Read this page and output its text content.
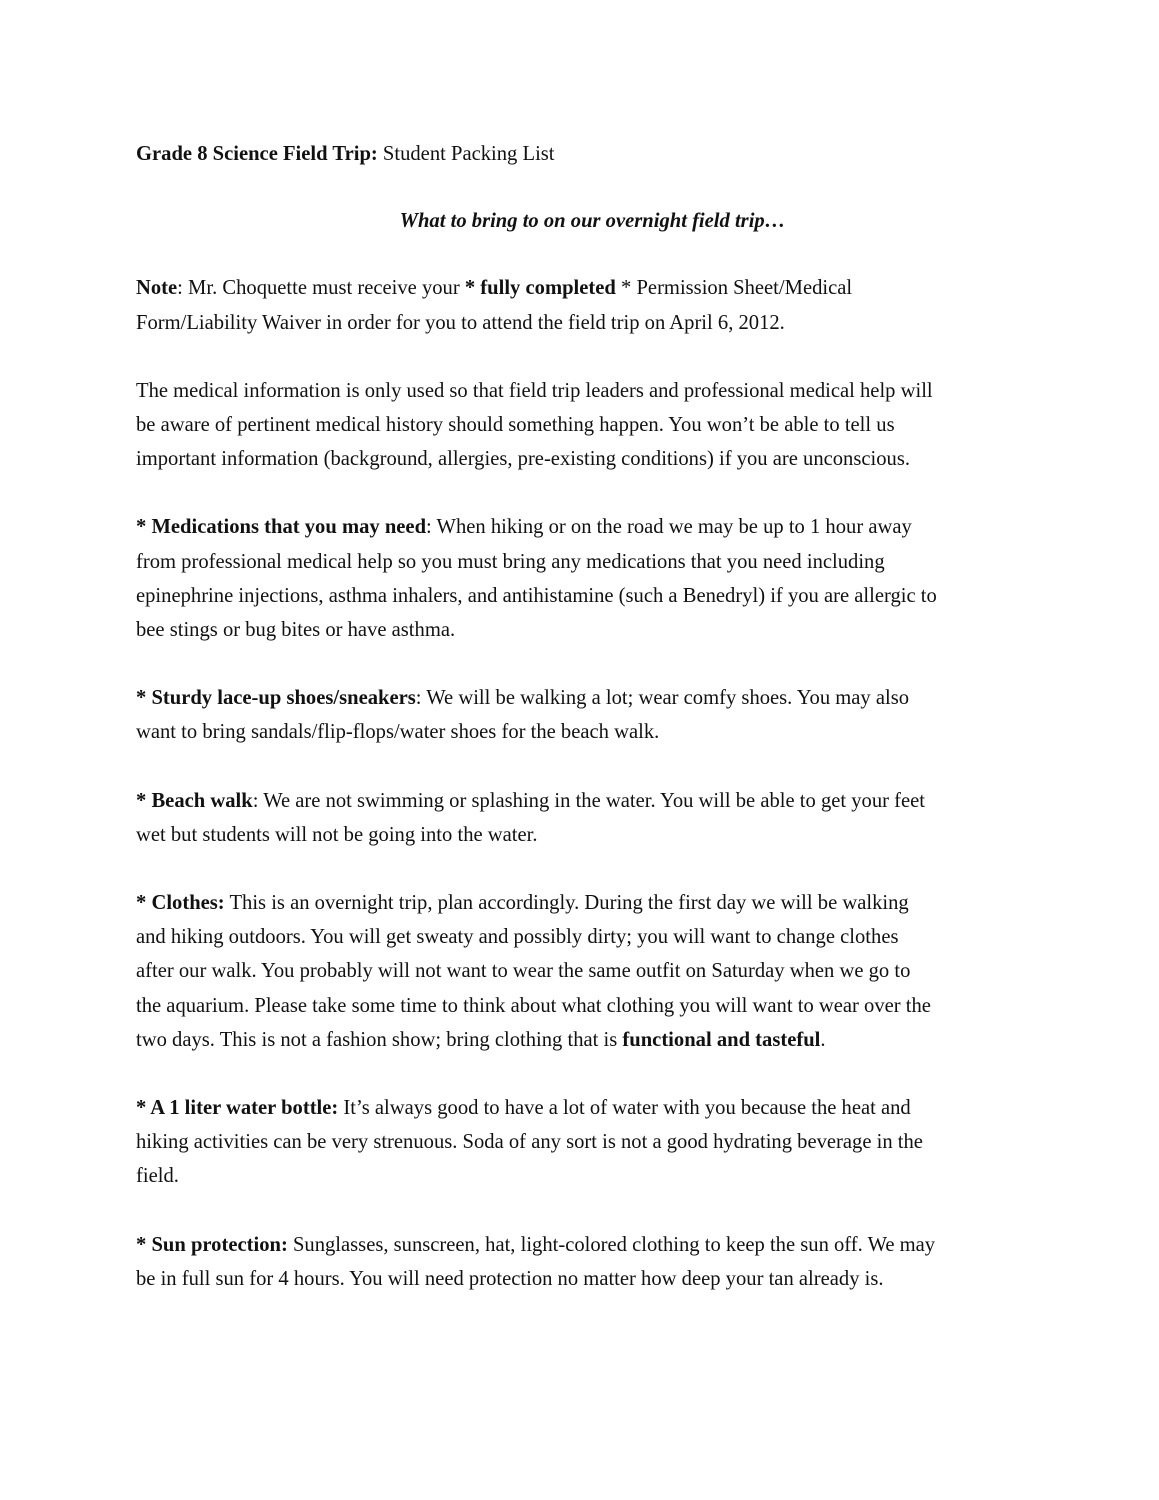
Grade 8 Science Field Trip: Student Packing List

What to bring to on our overnight field trip…

Note: Mr. Choquette must receive your * fully completed * Permission Sheet/Medical
Form/Liability Waiver in order for you to attend the field trip on April 6, 2012.

The medical information is only used so that field trip leaders and professional medical help will
be aware of pertinent medical history should something happen. You won’t be able to tell us
important information (background, allergies, pre-existing conditions) if you are unconscious.

* Medications that you may need: When hiking or on the road we may be up to 1 hour away
from professional medical help so you must bring any medications that you need including
epinephrine injections, asthma inhalers, and antihistamine (such a Benedryl) if you are allergic to
bee stings or bug bites or have asthma.

* Sturdy lace-up shoes/sneakers: We will be walking a lot; wear comfy shoes. You may also
want to bring sandals/flip-flops/water shoes for the beach walk.

* Beach walk: We are not swimming or splashing in the water. You will be able to get your feet
wet but students will not be going into the water.

* Clothes: This is an overnight trip, plan accordingly. During the first day we will be walking
and hiking outdoors. You will get sweaty and possibly dirty; you will want to change clothes
after our walk. You probably will not want to wear the same outfit on Saturday when we go to
the aquarium. Please take some time to think about what clothing you will want to wear over the
two days. This is not a fashion show; bring clothing that is functional and tasteful.

* A 1 liter water bottle: It’s always good to have a lot of water with you because the heat and
hiking activities can be very strenuous. Soda of any sort is not a good hydrating beverage in the
field.

* Sun protection: Sunglasses, sunscreen, hat, light-colored clothing to keep the sun off. We may
be in full sun for 4 hours. You will need protection no matter how deep your tan already is.
